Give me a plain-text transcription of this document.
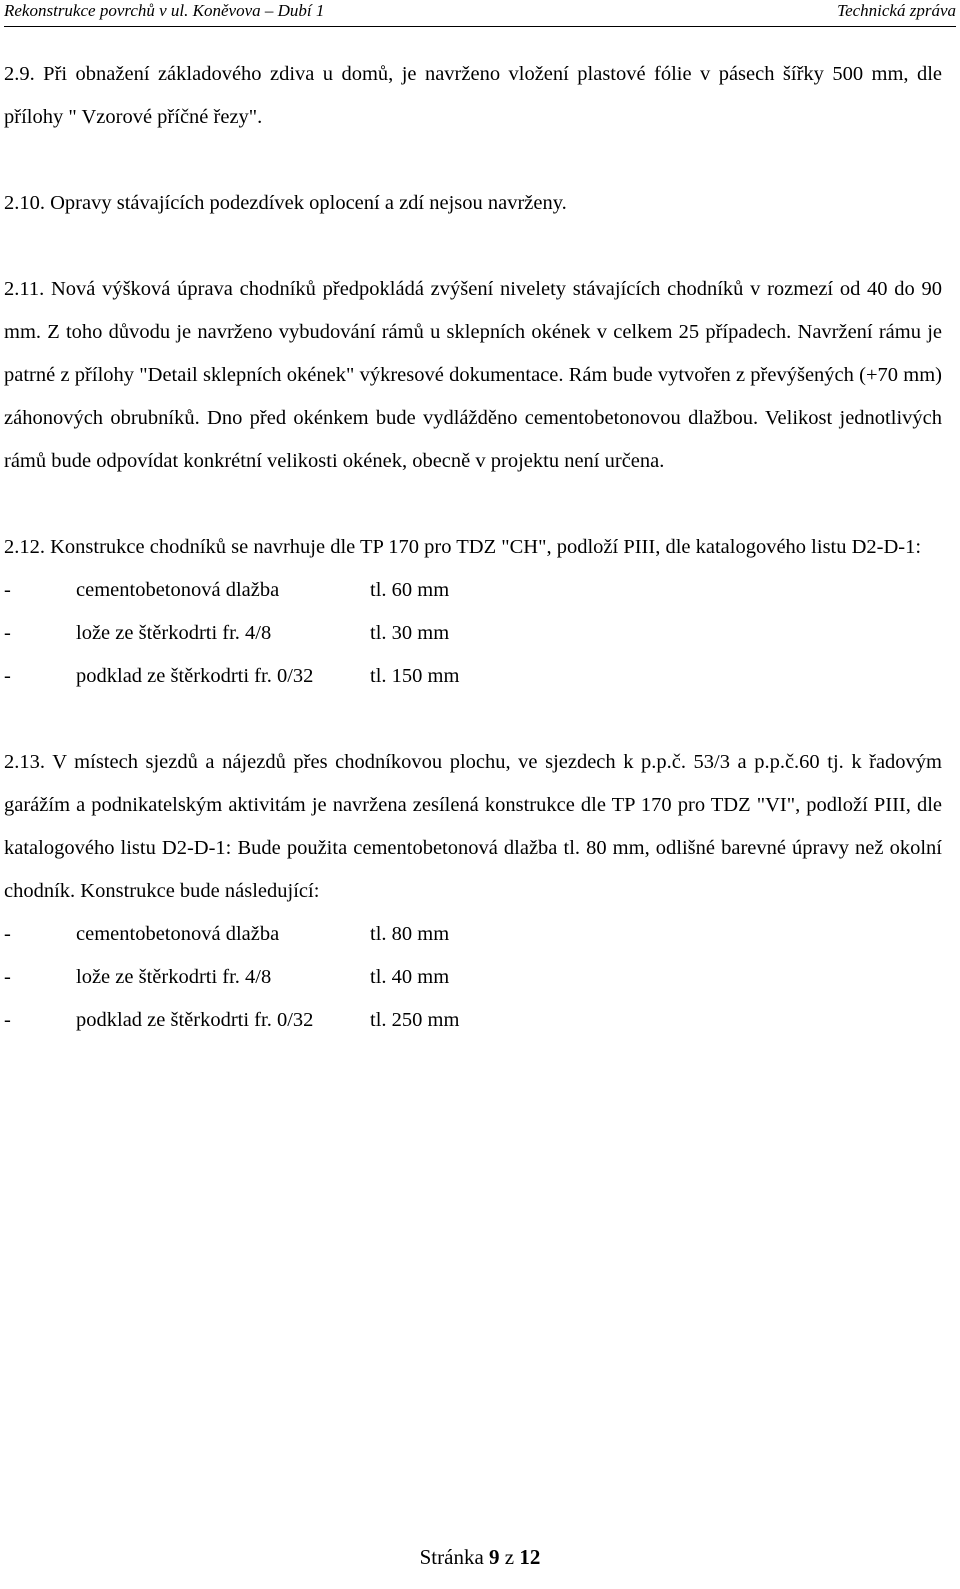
Rekonstrukce povrchů v ul. Koněvova – Dubí 1	Technická zpráva

2.9. Při obnažení základového zdiva u domů, je navrženo vložení plastové fólie v pásech šířky 500 mm, dle přílohy " Vzorové příčné řezy".

2.10. Opravy stávajících podezdívek oplocení a zdí nejsou navrženy.

2.11. Nová výšková úprava chodníků předpokládá zvýšení nivelety stávajících chodníků v rozmezí od 40 do 90 mm. Z toho důvodu je navrženo vybudování rámů u sklepních okének v celkem 25 případech. Navržení rámu je patrné z přílohy "Detail sklepních okének" výkresové dokumentace. Rám bude vytvořen z převýšených (+70 mm) záhonových obrubníků. Dno před okénkem bude vydlážděno cementobetonovou dlažbou. Velikost jednotlivých rámů bude odpovídat konkrétní velikosti okének, obecně v projektu není určena.

2.12. Konstrukce chodníků se navrhuje dle TP 170 pro TDZ "CH", podloží PIII, dle katalogového listu D2-D-1:

-	cementobetonová dlažba	tl. 60 mm
-	lože ze štěrkodrti fr. 4/8	tl. 30 mm
-	podklad ze štěrkodrti fr. 0/32	tl. 150 mm

2.13. V místech sjezdů a nájezdů přes chodníkovou plochu, ve sjezdech k p.p.č. 53/3 a p.p.č.60 tj. k řadovým garážím a podnikatelským aktivitám je navržena zesílená konstrukce dle TP 170 pro TDZ "VI", podloží PIII, dle katalogového listu D2-D-1: Bude použita cementobetonová dlažba tl. 80 mm, odlišné barevné úpravy než okolní chodník. Konstrukce bude následující:

-	cementobetonová dlažba	tl. 80 mm
-	lože ze štěrkodrti fr. 4/8	tl. 40 mm
-	podklad ze štěrkodrti fr. 0/32	tl. 250 mm
Stránka 9 z 12
